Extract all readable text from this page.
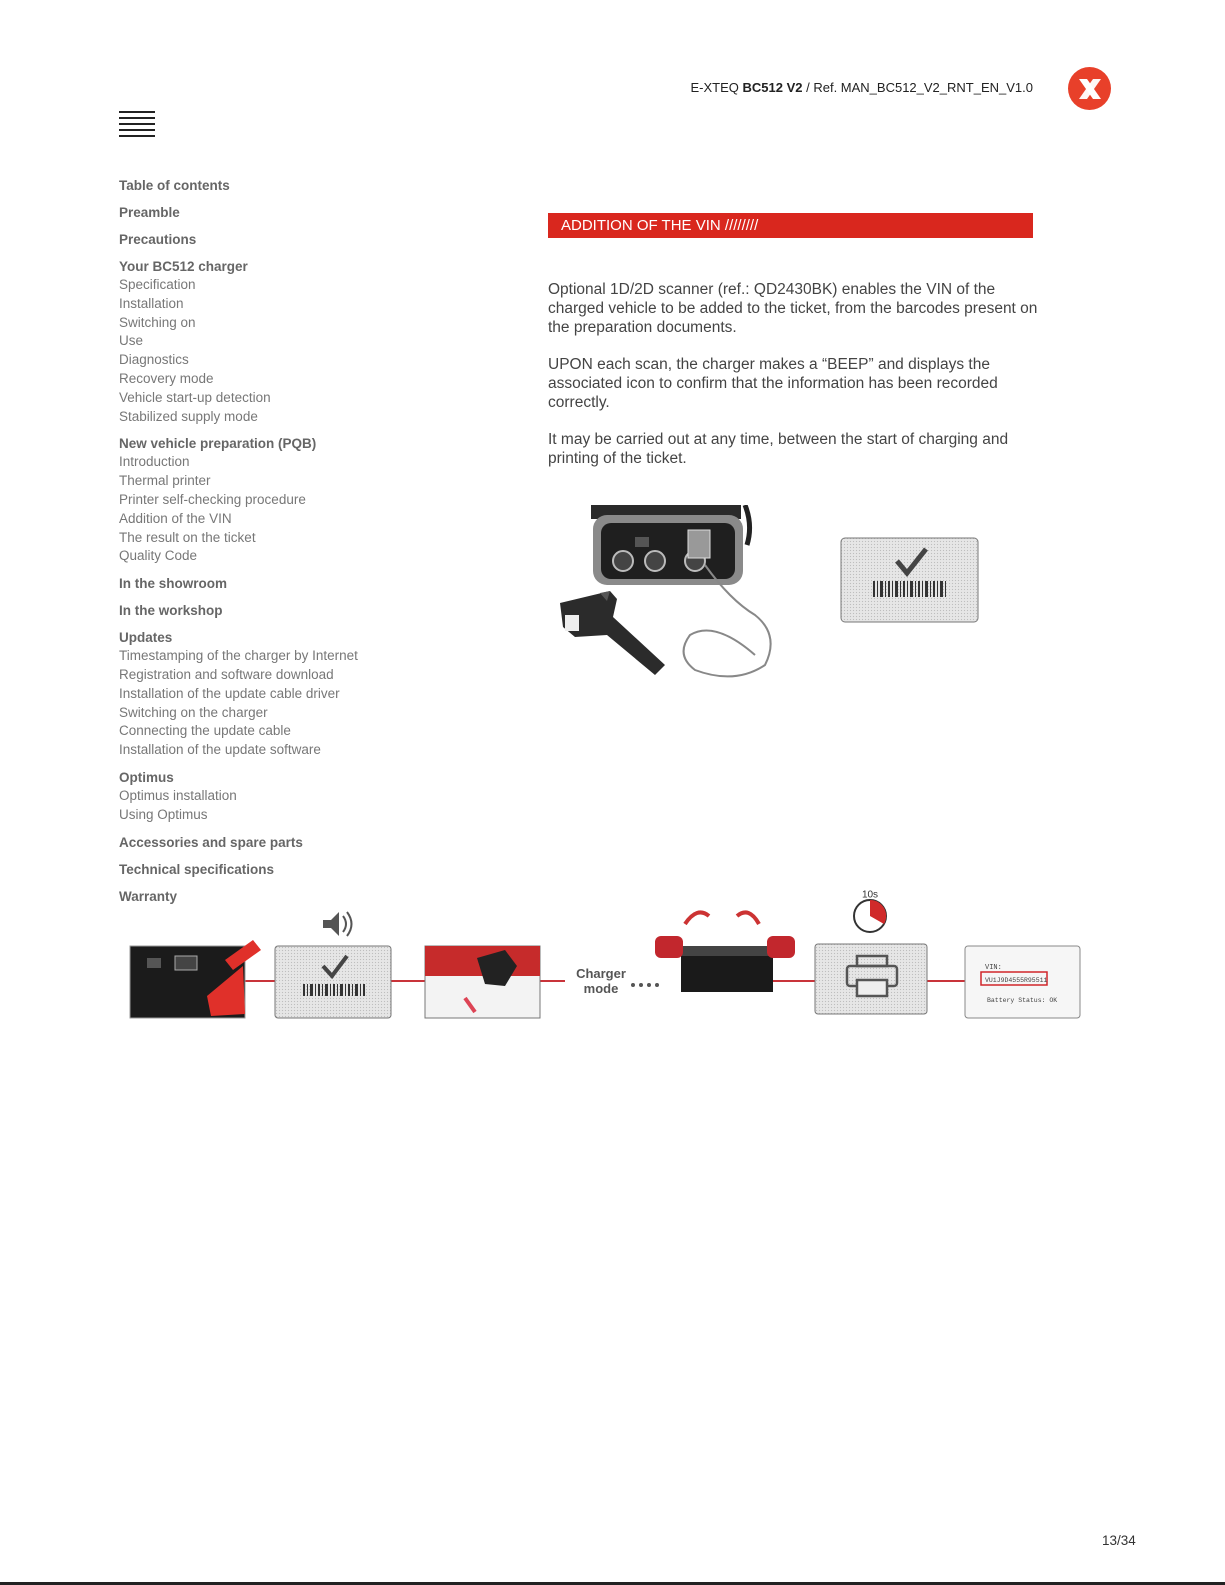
E-XTEQ BC512 V2 / Ref. MAN_BC512_V2_RNT_EN_V1.0
Table of contents
Preamble
Precautions
Your BC512 charger
Specification
Installation
Switching on
Use
Diagnostics
Recovery mode
Vehicle start-up detection
Stabilized supply mode
New vehicle preparation (PQB)
Introduction
Thermal printer
Printer self-checking procedure
Addition of the VIN
The result on the ticket
Quality Code
In the showroom
In the workshop
Updates
Timestamping of the charger by Internet
Registration and software download
Installation of the update cable driver
Switching on the charger
Connecting the update cable
Installation of the update software
Optimus
Optimus installation
Using Optimus
Accessories and spare parts
Technical specifications
Warranty
ADDITION OF THE VIN ////////

Optional 1D/2D scanner (ref.: QD2430BK) enables the VIN of the charged vehicle to be added to the ticket, from the barcodes present on the preparation documents.

UPON each scan, the charger makes a “BEEP” and displays the associated icon to confirm that the information has been recorded correctly.

It may be carried out at any time, between the start of charging and printing of the ticket.

Charger
mode
10s
VIN:
VU1J9D4555R95511
Battery Status: OK
13/34
